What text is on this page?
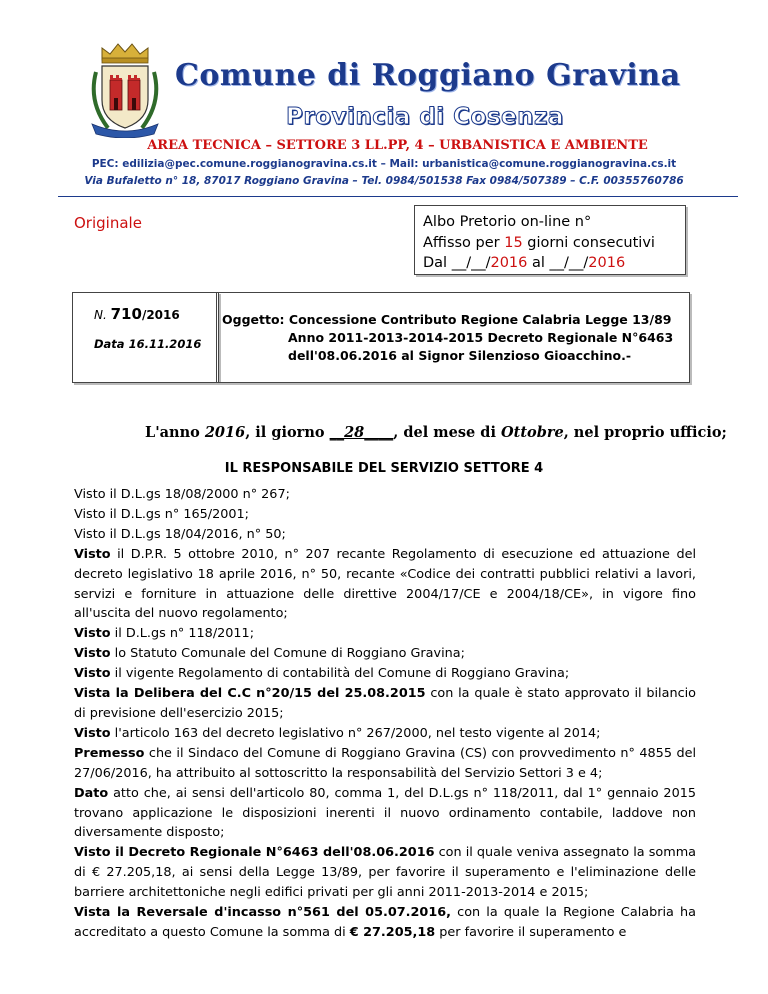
Comune di Roggiano Gravina
Provincia di Cosenza
AREA TECNICA – SETTORE 3 LL.PP, 4 – URBANISTICA E AMBIENTE
PEC: edilizia@pec.comune.roggianogravina.cs.it – Mail: urbanistica@comune.roggianogravina.cs.it
Via Bufaletto n° 18, 87017 Roggiano Gravina – Tel. 0984/501538 Fax 0984/507389 – C.F. 00355760786
Originale	Albo Pretorio on-line n°
Affisso per 15 giorni consecutivi
Dal __/__/2016 al __/__/2016
N. 710/2016
Data 16.11.2016
Oggetto: Concessione Contributo Regione Calabria Legge 13/89
Anno 2011-2013-2014-2015 Decreto Regionale N°6463
dell'08.06.2016 al Signor Silenzioso Gioacchino.-
L'anno 2016, il giorno __28____, del mese di Ottobre, nel proprio ufficio;
IL RESPONSABILE DEL SERVIZIO SETTORE 4

Visto il D.L.gs 18/08/2000 n° 267;

Visto il D.L.gs n° 165/2001;

Visto il D.L.gs 18/04/2016, n° 50;

Visto il D.P.R. 5 ottobre 2010, n° 207 recante Regolamento di esecuzione ed attuazione del decreto legislativo 18 aprile 2016, n° 50, recante «Codice dei contratti pubblici relativi a lavori, servizi e forniture in attuazione delle direttive 2004/17/CE e 2004/18/CE», in vigore fino all'uscita del nuovo regolamento;

Visto il D.L.gs n° 118/2011;

Visto lo Statuto Comunale del Comune di Roggiano Gravina;

Visto il vigente Regolamento di contabilità del Comune di Roggiano Gravina;

Vista la Delibera del C.C n°20/15 del 25.08.2015 con la quale è stato approvato il bilancio di previsione dell'esercizio 2015;

Visto l'articolo 163 del decreto legislativo n° 267/2000, nel testo vigente al 2014;

Premesso che il Sindaco del Comune di Roggiano Gravina (CS) con provvedimento n° 4855 del 27/06/2016, ha attribuito al sottoscritto la responsabilità del Servizio Settori 3 e 4;

Dato atto che, ai sensi dell'articolo 80, comma 1, del D.L.gs n° 118/2011, dal 1° gennaio 2015 trovano applicazione le disposizioni inerenti il nuovo ordinamento contabile, laddove non diversamente disposto;

Visto il Decreto Regionale N°6463 dell'08.06.2016 con il quale veniva assegnato la somma di € 27.205,18, ai sensi della Legge 13/89, per favorire il superamento e l'eliminazione delle barriere architettoniche negli edifici privati per gli anni 2011-2013-2014 e 2015;

Vista la Reversale d'incasso n°561 del 05.07.2016, con la quale la Regione Calabria ha accreditato a questo Comune la somma di € 27.205,18 per favorire il superamento e
